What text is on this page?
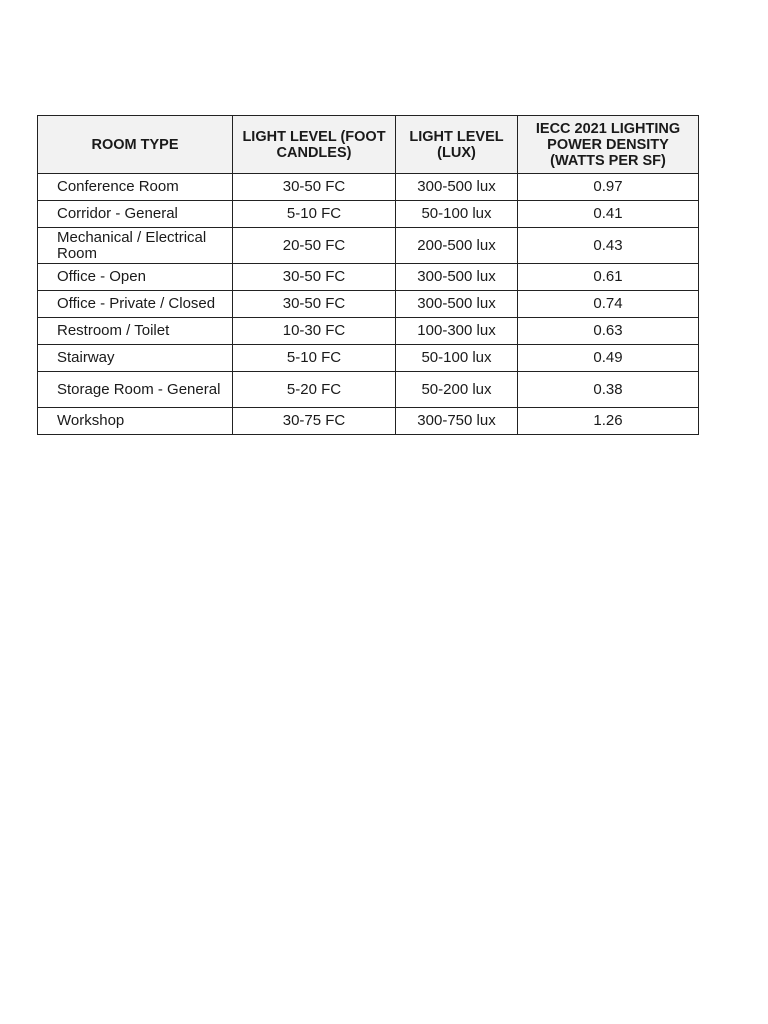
ROOM TYPE	LIGHT LEVEL (FOOT CANDLES)	LIGHT LEVEL (LUX)	IECC 2021 LIGHTING POWER DENSITY (WATTS PER SF)
Conference Room	30-50 FC	300-500 lux	0.97
Corridor - General	5-10 FC	50-100 lux	0.41
Mechanical / Electrical Room	20-50 FC	200-500 lux	0.43
Office - Open	30-50 FC	300-500 lux	0.61
Office - Private / Closed	30-50 FC	300-500 lux	0.74
Restroom / Toilet	10-30 FC	100-300 lux	0.63
Stairway	5-10 FC	50-100 lux	0.49
Storage Room - General	5-20 FC	50-200 lux	0.38
Workshop	30-75 FC	300-750 lux	1.26
